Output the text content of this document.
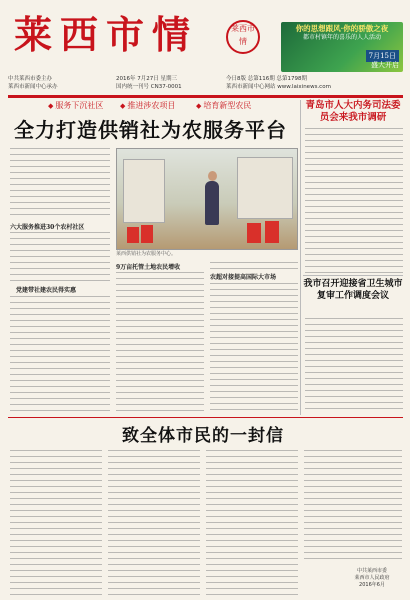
莱西市情	莱西市情
你的思想跟风·你的骄傲之夜
都市村镇年的喜乐的人人活动
7月15日
盛大开启
中共莱西市委主办
莱西市新闻中心承办
2016年 7月27日 星期三
国内统一刊号 CN37-0001
今日8版 总第116期 总第1798期
莱西市新闻中心网站 www.laixinews.com
◆ 服务下沉社区	◆ 推进涉农项目	◆ 培育新型农民
全力打造供销社为农服务平台
六大服务推进30个农村社区
党建带社建农民得实惠
莱西供销社为农服务中心。
9万亩托管土地农民增收
农超对接提高国际大市场
青岛市人大内务司法委员会来我市调研
我市召开迎接省卫生城市复审工作调度会议
致全体市民的一封信
中共莱西市委
莱西市人民政府
2016年6月
